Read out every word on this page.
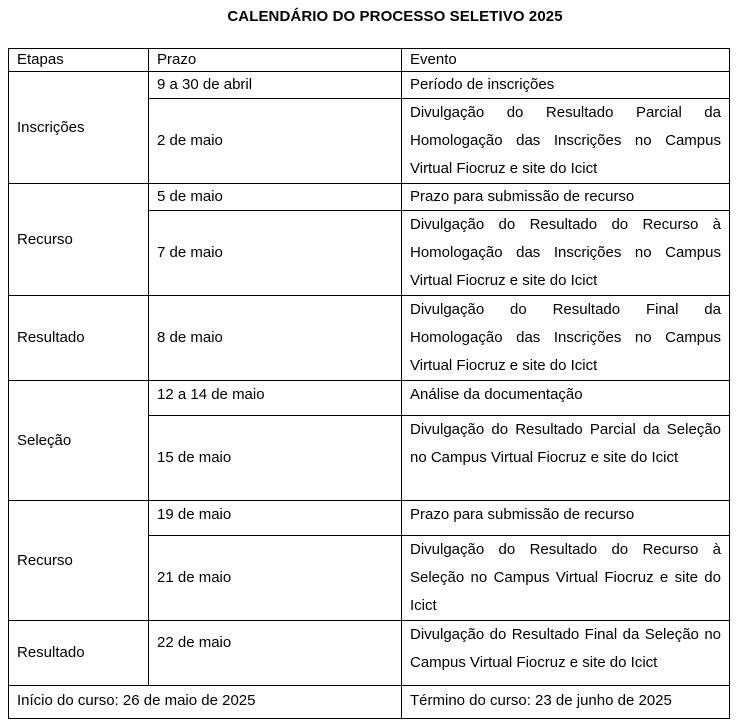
CALENDÁRIO DO PROCESSO SELETIVO 2025
Etapas	Prazo	Evento
Inscrições	9 a 30 de abril	Período de inscrições
	2 de maio	Divulgação do Resultado Parcial da Homologação das Inscrições no Campus Virtual Fiocruz e site do Icict
Recurso	5 de maio	Prazo para submissão de recurso
	7 de maio	Divulgação do Resultado do Recurso à Homologação das Inscrições no Campus Virtual Fiocruz e site do Icict
Resultado	8 de maio	Divulgação do Resultado Final da Homologação das Inscrições no Campus Virtual Fiocruz e site do Icict
Seleção	12 a 14 de maio	Análise da documentação
	15 de maio	Divulgação do Resultado Parcial da Seleção no Campus Virtual Fiocruz e site do Icict
Recurso	19 de maio	Prazo para submissão de recurso
	21 de maio	Divulgação do Resultado do Recurso à Seleção no Campus Virtual Fiocruz e site do Icict
Resultado	22 de maio	Divulgação do Resultado Final da Seleção no Campus Virtual Fiocruz e site do Icict
Início do curso: 26 de maio de 2025		Término do curso: 23 de junho de 2025
